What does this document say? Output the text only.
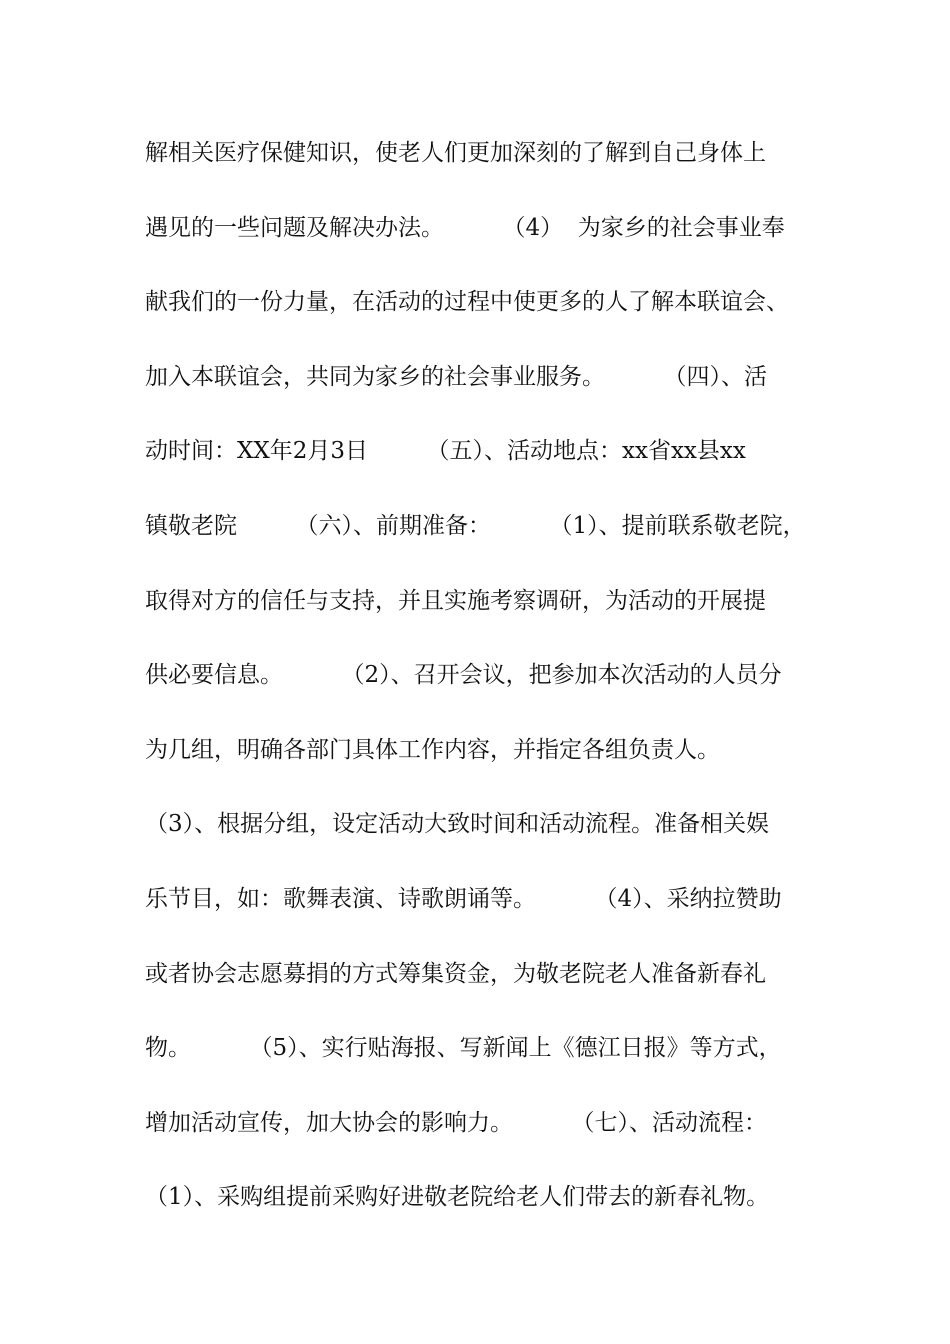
解相关医疗保健知识，使老人们更加深刻的了解到自己身体上
遇见的一些问题及解决办法。        （4）  为家乡的社会事业奉
献我们的一份力量，在活动的过程中使更多的人了解本联谊会、
加入本联谊会，共同为家乡的社会事业服务。        （四）、活
动时间：XX年2月3日        （五）、活动地点：xx省xx县xx
镇敬老院        （六）、前期准备：        （1）、提前联系敬老院，
取得对方的信任与支持，并且实施考察调研，为活动的开展提
供必要信息。        （2）、召开会议，把参加本次活动的人员分
为几组，明确各部门具体工作内容，并指定各组负责人。
（3）、根据分组，设定活动大致时间和活动流程。准备相关娱
乐节目，如：歌舞表演、诗歌朗诵等。        （4）、采纳拉赞助
或者协会志愿募捐的方式筹集资金，为敬老院老人准备新春礼
物。        （5）、实行贴海报、写新闻上《德江日报》等方式，
增加活动宣传，加大协会的影响力。        （七）、活动流程：
（1）、采购组提前采购好进敬老院给老人们带去的新春礼物。
